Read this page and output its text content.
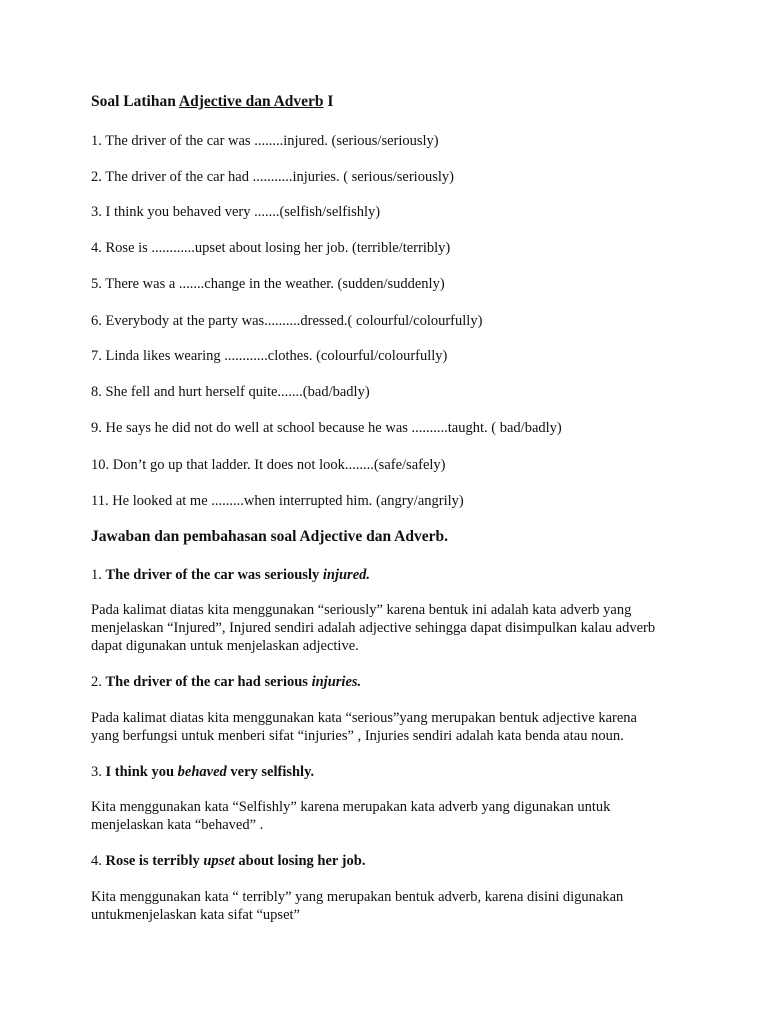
Soal Latihan Adjective dan Adverb I
1. The driver of the car was ........injured. (serious/seriously)
2. The driver of the car had ...........injuries. ( serious/seriously)
3. I think you behaved very .......(selfish/selfishly)
4. Rose is ............upset about losing her job. (terrible/terribly)
5. There was a .......change in the weather. (sudden/suddenly)
6. Everybody at the party was..........dressed.( colourful/colourfully)
7. Linda likes wearing ............clothes. (colourful/colourfully)
8. She fell and hurt herself quite.......(bad/badly)
9. He says he did not do well at school because he was ..........taught. ( bad/badly)
10. Don’t go up that ladder. It does not look........(safe/safely)
11. He looked at me .........when interrupted him. (angry/angrily)
Jawaban dan pembahasan soal Adjective dan Adverb.
1. The driver of the car was seriously injured.
Pada kalimat diatas kita menggunakan “seriously” karena bentuk ini adalah kata adverb yang
menjelaskan “Injured”, Injured sendiri adalah adjective sehingga dapat disimpulkan kalau adverb
dapat digunakan untuk menjelaskan adjective.
2. The driver of the car had serious injuries.
Pada kalimat diatas kita menggunakan kata “serious”yang merupakan bentuk adjective karena
yang berfungsi untuk menberi sifat “injuries” , Injuries sendiri adalah kata benda atau noun.
3. I think you behaved very selfishly.
Kita menggunakan kata “Selfishly” karena merupakan kata adverb yang digunakan untuk
menjelaskan kata “behaved” .
4. Rose is terribly upset about losing her job.
Kita menggunakan kata “ terribly” yang merupakan bentuk adverb, karena disini digunakan
untukmenjelaskan kata sifat “upset”
